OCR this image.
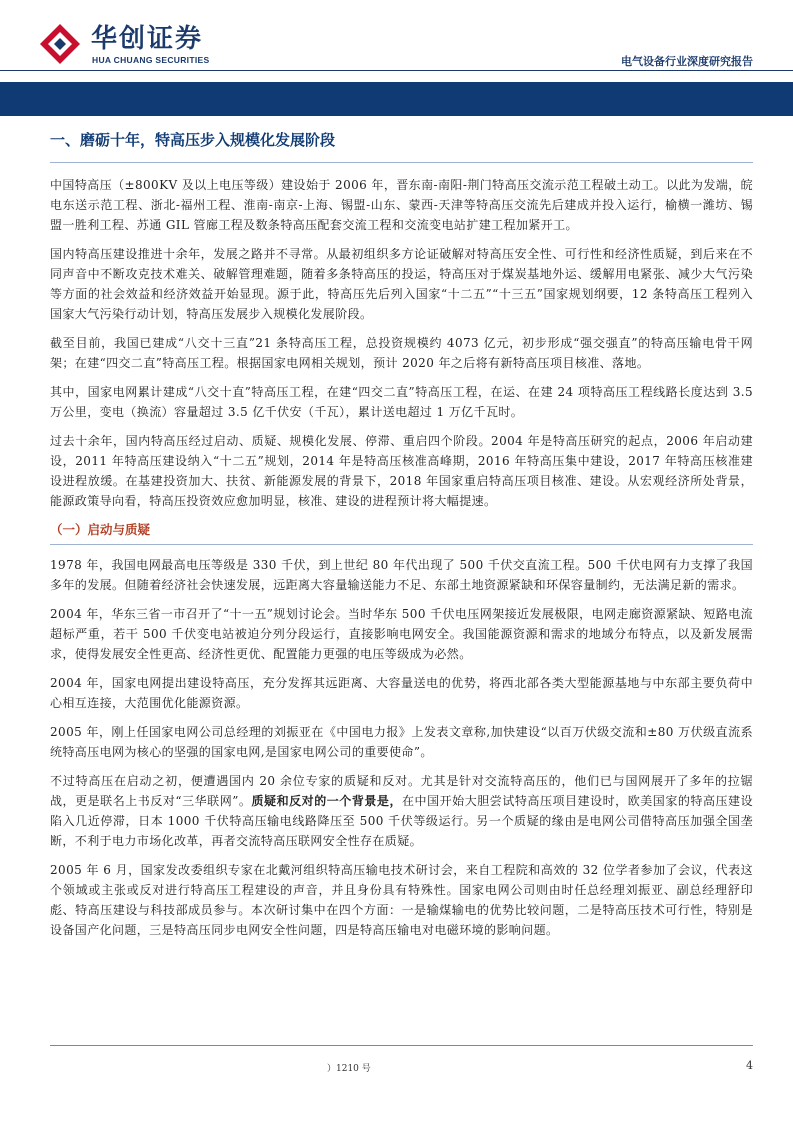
华创证券
HUA CHUANG SECURITIES	电气设备行业深度研究报告
一、磨砺十年，特高压步入规模化发展阶段

中国特高压（±800KV 及以上电压等级）建设始于 2006 年，晋东南-南阳-荆门特高压交流示范工程破土动工。以此为发端，皖电东送示范工程、浙北-福州工程、淮南-南京-上海、锡盟-山东、蒙西-天津等特高压交流先后建成并投入运行，榆横一潍坊、锡盟一胜利工程、苏通 GIL 管廊工程及数条特高压配套交流工程和交流变电站扩建工程加紧开工。

国内特高压建设推进十余年，发展之路并不寻常。从最初组织多方论证破解对特高压安全性、可行性和经济性质疑，到后来在不同声音中不断攻克技术难关、破解管理难题，随着多条特高压的投运，特高压对于煤炭基地外运、缓解用电紧张、减少大气污染等方面的社会效益和经济效益开始显现。源于此，特高压先后列入国家“十二五”“十三五”国家规划纲要，12 条特高压工程列入国家大气污染行动计划，特高压发展步入规模化发展阶段。

截至目前，我国已建成“八交十三直”21 条特高压工程，总投资规模约 4073 亿元，初步形成“强交强直”的特高压输电骨干网架；在建“四交二直”特高压工程。根据国家电网相关规划，预计 2020 年之后将有新特高压项目核准、落地。

其中，国家电网累计建成“八交十直”特高压工程，在建“四交二直”特高压工程，在运、在建 24 项特高压工程线路长度达到 3.5 万公里，变电（换流）容量超过 3.5 亿千伏安（千瓦），累计送电超过 1 万亿千瓦时。

过去十余年，国内特高压经过启动、质疑、规模化发展、停滞、重启四个阶段。2004 年是特高压研究的起点，2006 年启动建设，2011 年特高压建设纳入“十二五”规划，2014 年是特高压核准高峰期，2016 年特高压集中建设，2017 年特高压核准建设进程放缓。在基建投资加大、扶贫、新能源发展的背景下，2018 年国家重启特高压项目核准、建设。从宏观经济所处背景，能源政策导向看，特高压投资效应愈加明显，核准、建设的进程预计将大幅提速。

（一）启动与质疑

1978 年，我国电网最高电压等级是 330 千伏，到上世纪 80 年代出现了 500 千伏交直流工程。500 千伏电网有力支撑了我国多年的发展。但随着经济社会快速发展，远距离大容量输送能力不足、东部土地资源紧缺和环保容量制约，无法满足新的需求。

2004 年，华东三省一市召开了“十一五”规划讨论会。当时华东 500 千伏电压网架接近发展极限，电网走廊资源紧缺、短路电流超标严重，若干 500 千伏变电站被迫分列分段运行，直接影响电网安全。我国能源资源和需求的地域分布特点，以及新发展需求，使得发展安全性更高、经济性更优、配置能力更强的电压等级成为必然。

2004 年，国家电网提出建设特高压，充分发挥其远距离、大容量送电的优势，将西北部各类大型能源基地与中东部主要负荷中心相互连接，大范围优化能源资源。

2005 年，刚上任国家电网公司总经理的刘振亚在《中国电力报》上发表文章称,加快建设“以百万伏级交流和±80 万伏级直流系统特高压电网为核心的坚强的国家电网,是国家电网公司的重要使命”。

不过特高压在启动之初，便遭遇国内 20 余位专家的质疑和反对。尤其是针对交流特高压的，他们已与国网展开了多年的拉锯战，更是联名上书反对“三华联网”。质疑和反对的一个背景是，在中国开始大胆尝试特高压项目建设时，欧美国家的特高压建设陷入几近停滞，日本 1000 千伏特高压输电线路降压至 500 千伏等级运行。另一个质疑的缘由是电网公司借特高压加强全国垄断，不利于电力市场化改革，再者交流特高压联网安全性存在质疑。

2005 年 6 月，国家发改委组织专家在北戴河组织特高压输电技术研讨会，来自工程院和高效的 32 位学者参加了会议，代表这个领域或主张或反对进行特高压工程建设的声音，并且身份具有特殊性。国家电网公司则由时任总经理刘振亚、副总经理舒印彪、特高压建设与科技部成员参与。本次研讨集中在四个方面：一是输煤输电的优势比较问题，二是特高压技术可行性，特别是设备国产化问题，三是特高压同步电网安全性问题，四是特高压输电对电磁环境的影响问题。

）1210 号	4
